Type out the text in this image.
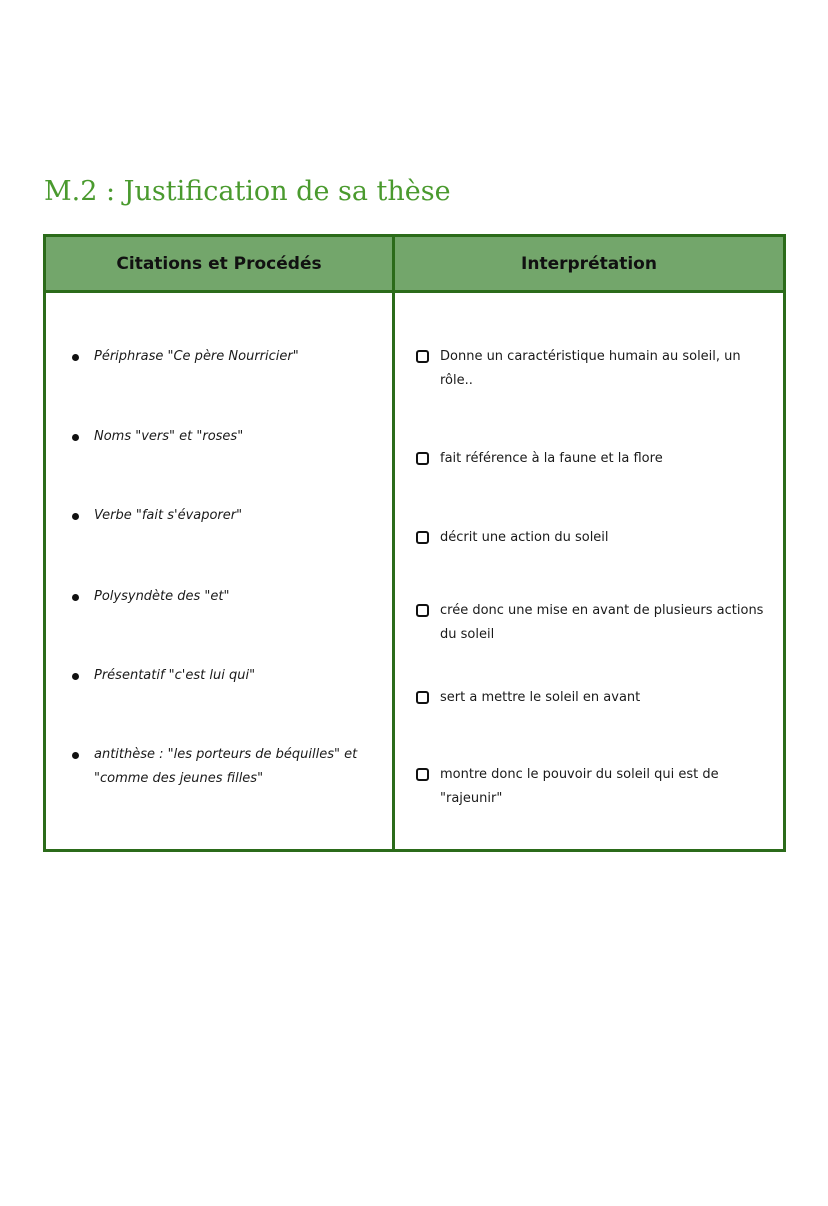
M.2 : Justification de sa thèse
Citations et Procédés	Interprétation
Périphrase "Ce père Nourricier"
Noms "vers" et "roses"
Verbe "fait s'évaporer"
Polysyndète des "et"
Présentatif "c'est lui qui"
antithèse : "les porteurs de béquilles" et "comme des jeunes filles"
Donne un caractéristique humain au soleil, un rôle..
fait référence à la faune et la flore
décrit une action du soleil
crée donc une mise en avant de plusieurs actions du soleil
sert a mettre le soleil en avant
montre donc le pouvoir du soleil qui est de "rajeunir"
